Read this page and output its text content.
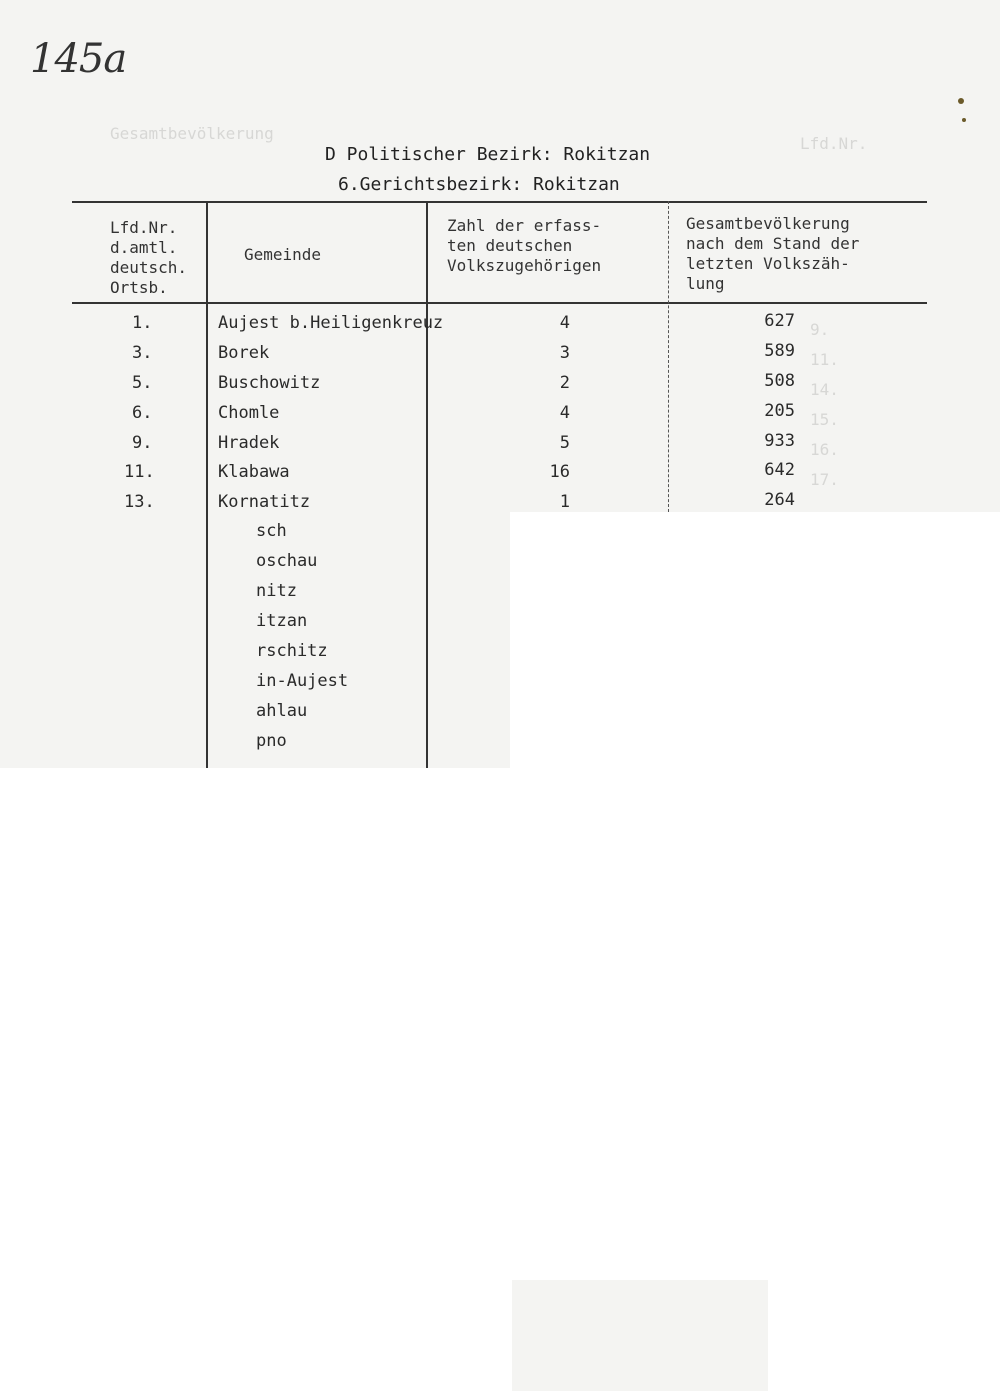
Gesamtbevölkerung
Lfd.Nr.
9.
11.
14.
15.
16.
17.
145a
D Politischer Bezirk: Rokitzan
6.Gerichtsbezirk: Rokitzan
Lfd.Nr.
d.amtl.
deutsch.
Ortsb.
Gemeinde
Zahl der erfass-
ten deutschen
Volkszugehörigen
Gesamtbevölkerung
nach dem Stand der
letzten Volkszäh-
lung
1.	Aujest b.Heiligenkreuz	4	627
3.	Borek	3	589
5.	Buschowitz	2	508
6.	Chomle	4	205
9.	Hradek	5	933
11.	Klabawa	16	642
13.	Kornatitz	1	264
sch
oschau
nitz
itzan
rschitz
in-Aujest
ahlau
pno
